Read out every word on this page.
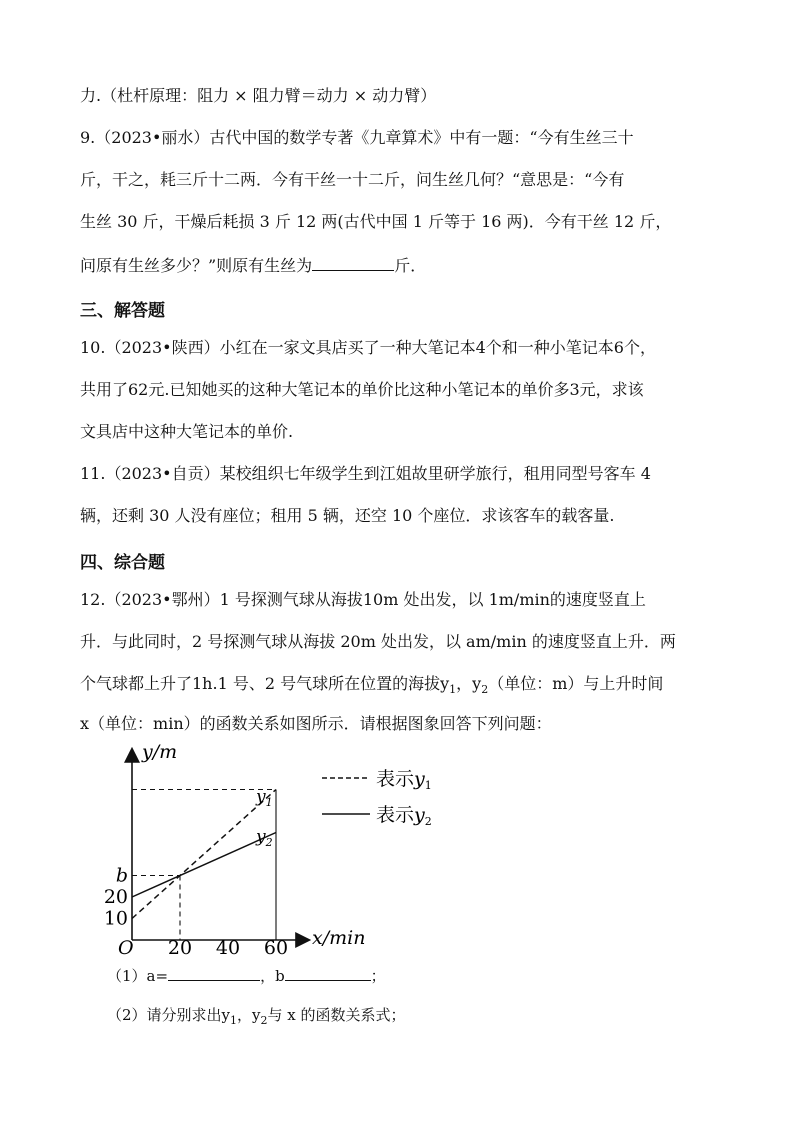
力.（杜杆原理：阻力 × 阻力臂＝动力 × 动力臂）
9.（2023•丽水）古代中国的数学专著《九章算术》中有一题：“今有生丝三十
斤，干之，耗三斤十二两．今有干丝一十二斤，问生丝几何？“意思是：“今有
生丝 30 斤，干燥后耗损 3 斤 12 两(古代中国 1 斤等于 16 两)．今有干丝 12 斤，
问原有生丝多少？”则原有生丝为	斤．
三、解答题
10.（2023•陕西）小红在一家文具店买了一种大笔记本4个和一种小笔记本6个，
共用了62元.已知她买的这种大笔记本的单价比这种小笔记本的单价多3元，求该
文具店中这种大笔记本的单价.
11.（2023•自贡）某校组织七年级学生到江姐故里研学旅行，租用同型号客车 4
辆，还剩 30 人没有座位；租用 5 辆，还空 10 个座位．求该客车的载客量.
四、综合题
12.（2023•鄂州）1 号探测气球从海拔10m 处出发，以 1m/min的速度竖直上
升．与此同时，2 号探测气球从海拔 20m 处出发，以 am/min 的速度竖直上升．两
个气球都上升了1h.1 号、2 号气球所在位置的海拔$y_1$，$y_2$（单位：m）与上升时间
x（单位：min）的函数关系如图所示．请根据图象回答下列问题：
20 40 60
O
10
20
b
y/m
x/min
$y_1$
$y_2$
表示$y_1$
表示$y_2$
（1）a=	，b	；
（2）请分别求出$y_1$，$y_2$与 x 的函数关系式；
